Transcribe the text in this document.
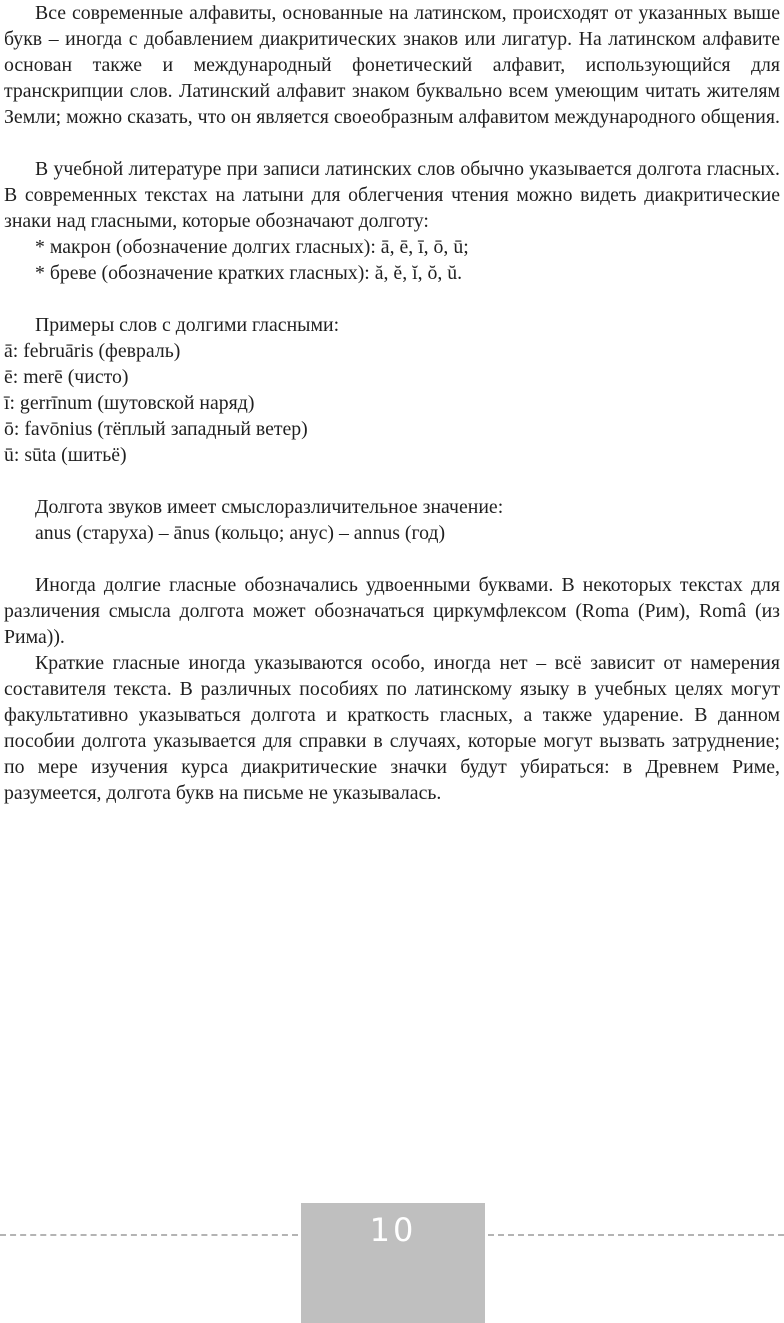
Все современные алфавиты, основанные на латинском, происходят от указанных выше букв – иногда с добавлением диакритических знаков или лигатур. На латинском алфавите основан также и международный фонетический алфавит, использующийся для транскрипции слов. Латинский алфавит знаком буквально всем умеющим читать жителям Земли; можно сказать, что он является своеобразным алфавитом международного общения.

В учебной литературе при записи латинских слов обычно указывается долгота гласных. В современных текстах на латыни для облегчения чтения можно видеть диакритические знаки над гласными, которые обозначают долготу:

* макрон (обозначение долгих гласных): ā, ē, ī, ō, ū;

* бреве (обозначение кратких гласных): ă, ĕ, ĭ, ŏ, ŭ.

Примеры слов с долгими гласными:

ā: februāris (февраль)

ē: merē (чисто)

ī: gerrīnum (шутовской наряд)

ō: favōnius (тёплый западный ветер)

ū: sūta (шитьё)

Долгота звуков имеет смыслоразличительное значение:

anus (старуха) – ānus (кольцо; анус) – annus (год)

Иногда долгие гласные обозначались удвоенными буквами. В некоторых текстах для различения смысла долгота может обозначаться циркумфлексом (Roma (Рим), Româ (из Рима)).

Краткие гласные иногда указываются особо, иногда нет – всё зависит от намерения составителя текста. В различных пособиях по латинскому языку в учебных целях могут факультативно указываться долгота и краткость гласных, а также ударение. В данном пособии долгота указывается для справки в случаях, которые могут вызвать затруднение; по мере изучения курса диакритические значки будут убираться: в Древнем Риме, разумеется, долгота букв на письме не указывалась.

10
